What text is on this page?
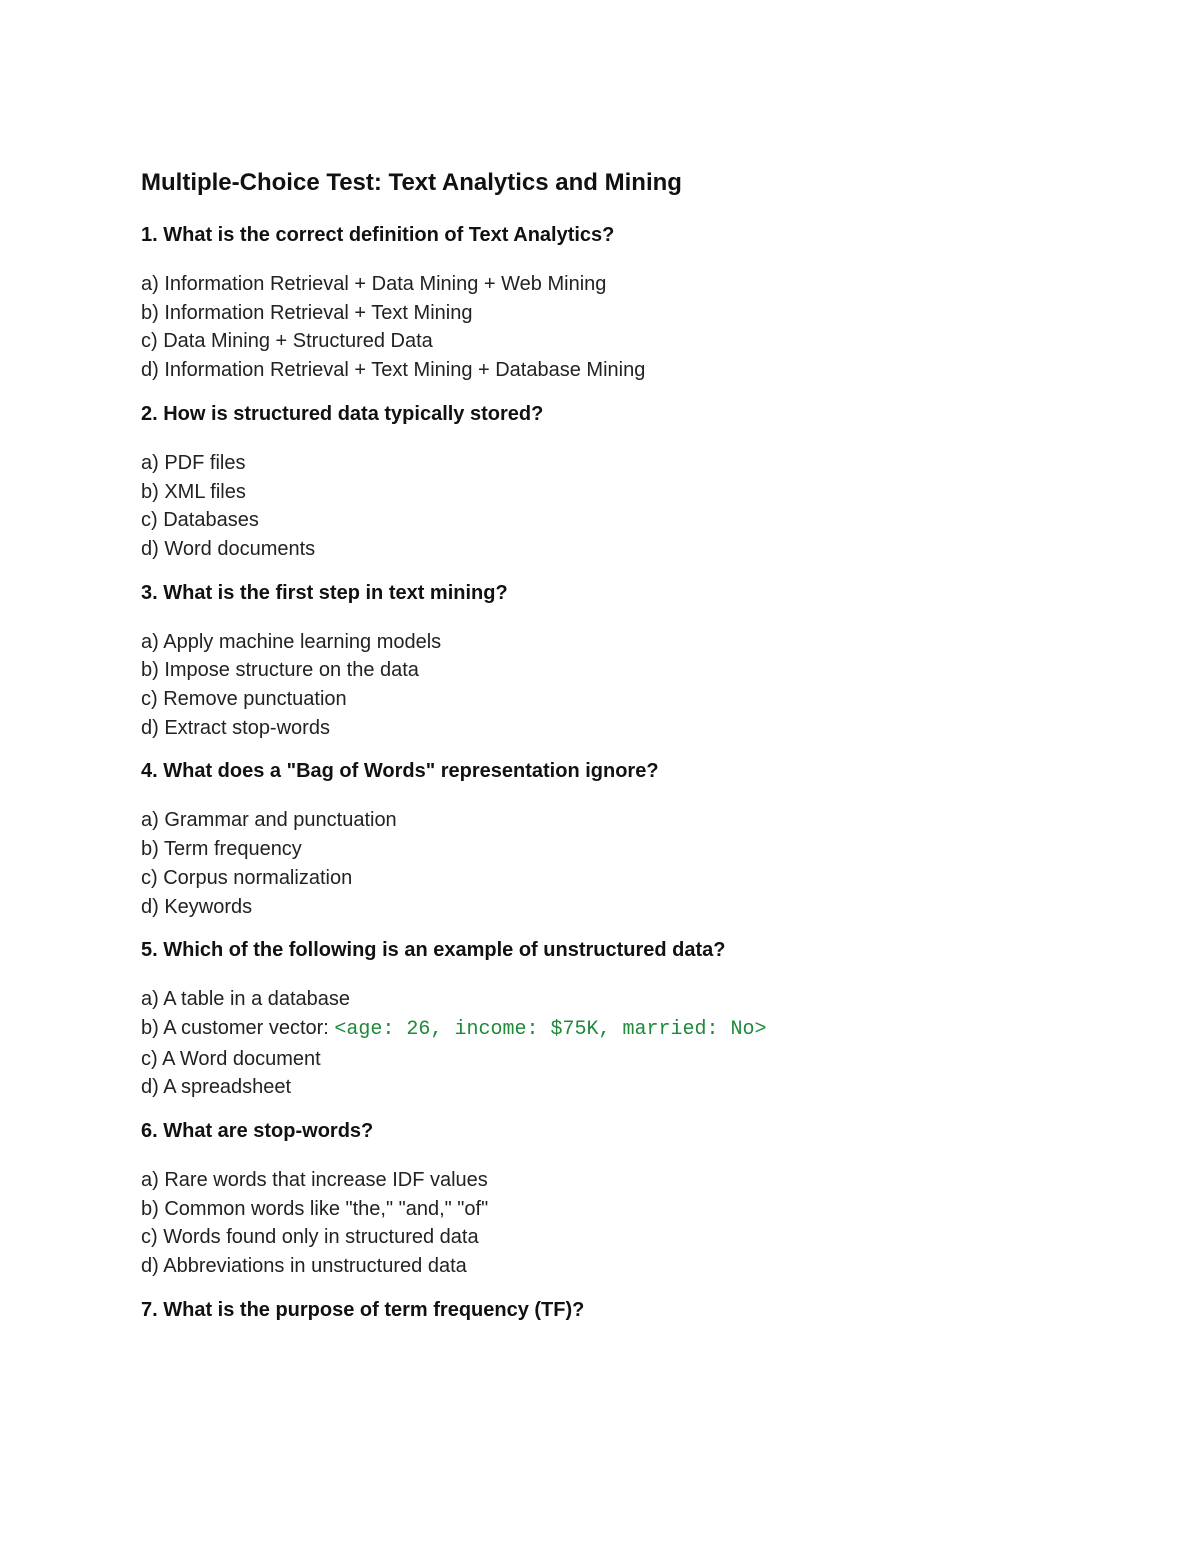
Multiple-Choice Test: Text Analytics and Mining
1. What is the correct definition of Text Analytics?
a) Information Retrieval + Data Mining + Web Mining
b) Information Retrieval + Text Mining
c) Data Mining + Structured Data
d) Information Retrieval + Text Mining + Database Mining
2. How is structured data typically stored?
a) PDF files
b) XML files
c) Databases
d) Word documents
3. What is the first step in text mining?
a) Apply machine learning models
b) Impose structure on the data
c) Remove punctuation
d) Extract stop-words
4. What does a "Bag of Words" representation ignore?
a) Grammar and punctuation
b) Term frequency
c) Corpus normalization
d) Keywords
5. Which of the following is an example of unstructured data?
a) A table in a database
b) A customer vector: <age: 26, income: $75K, married: No>
c) A Word document
d) A spreadsheet
6. What are stop-words?
a) Rare words that increase IDF values
b) Common words like "the," "and," "of"
c) Words found only in structured data
d) Abbreviations in unstructured data
7. What is the purpose of term frequency (TF)?
